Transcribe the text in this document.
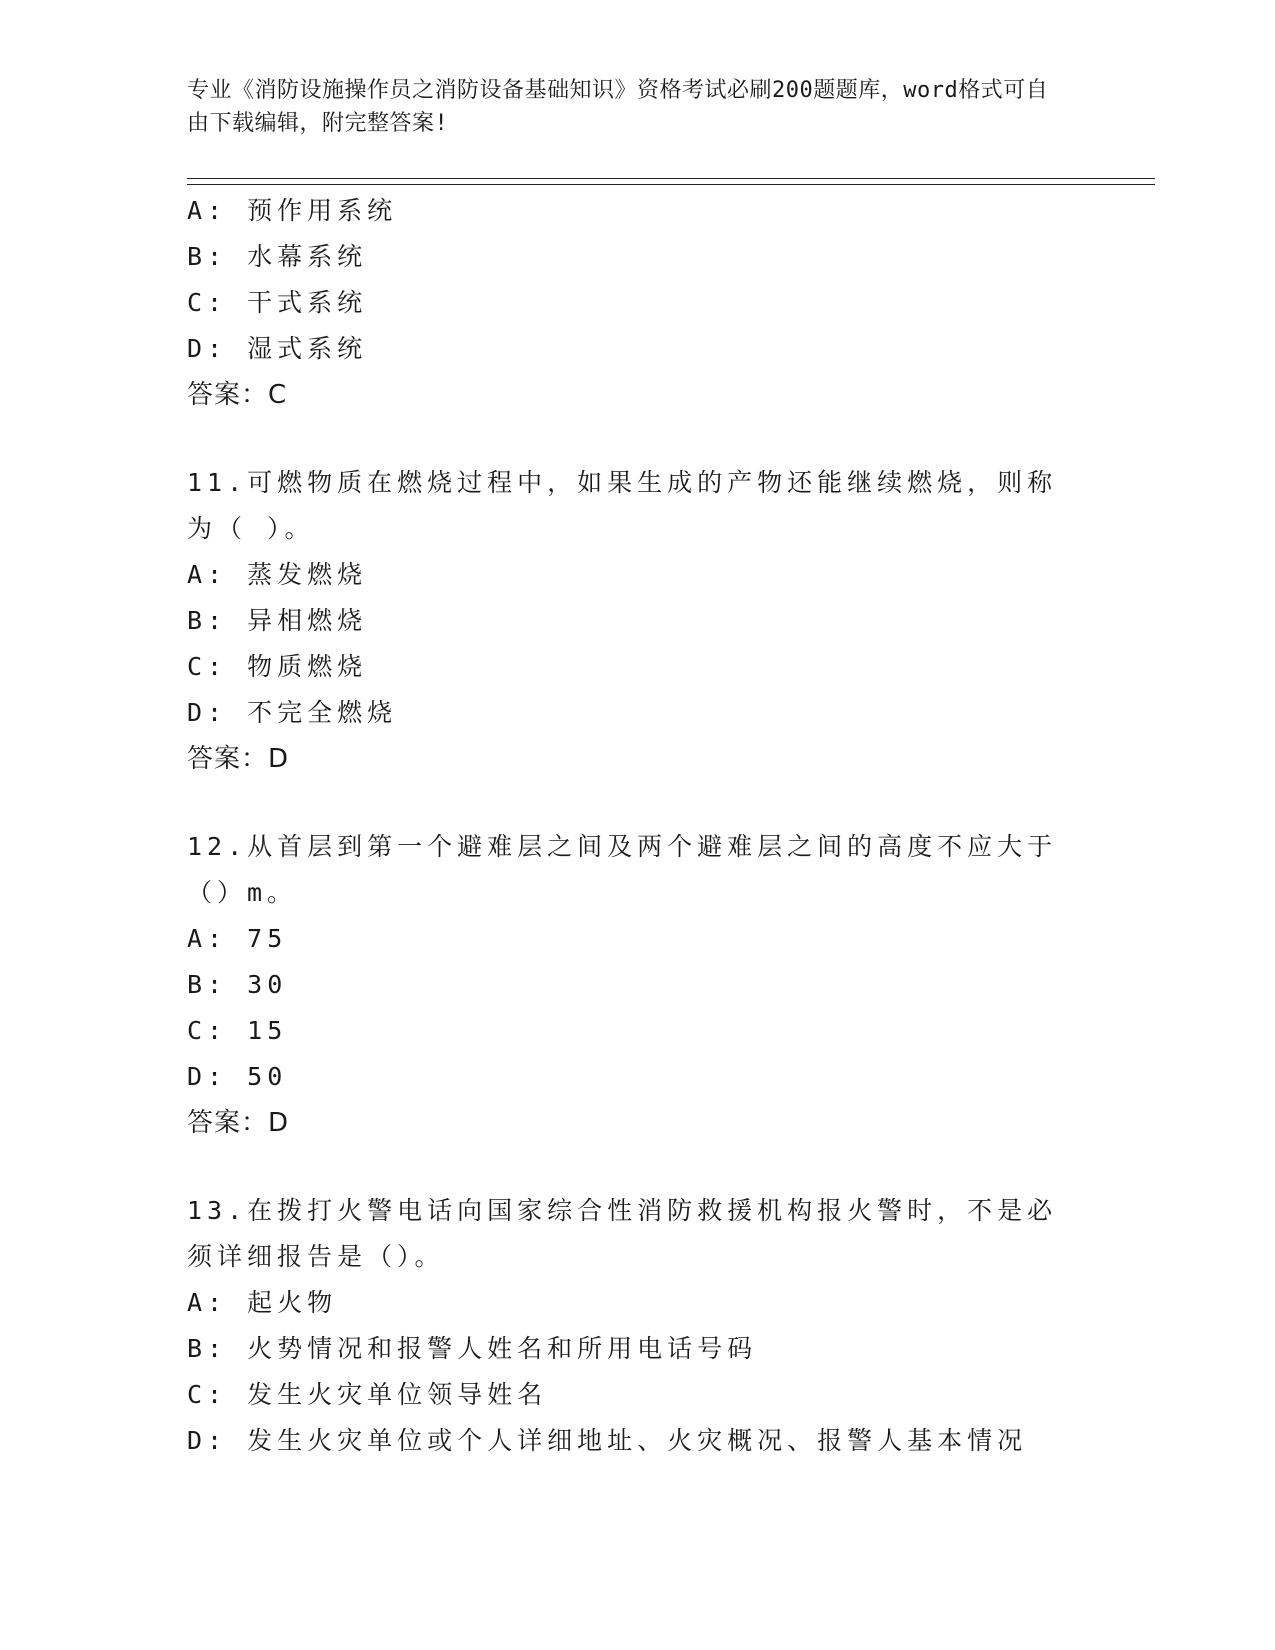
专业《消防设施操作员之消防设备基础知识》资格考试必刷200题题库，word格式可自由下载编辑，附完整答案!
A: 预作用系统
B: 水幕系统
C: 干式系统
D: 湿式系统
答案：C
11.可燃物质在燃烧过程中，如果生成的产物还能继续燃烧，则称为（ ）。
A: 蒸发燃烧
B: 异相燃烧
C: 物质燃烧
D: 不完全燃烧
答案：D
12.从首层到第一个避难层之间及两个避难层之间的高度不应大于（）m。
A: 75
B: 30
C: 15
D: 50
答案：D
13.在拨打火警电话向国家综合性消防救援机构报火警时，不是必须详细报告是（）。
A: 起火物
B: 火势情况和报警人姓名和所用电话号码
C: 发生火灾单位领导姓名
D: 发生火灾单位或个人详细地址、火灾概况、报警人基本情况
